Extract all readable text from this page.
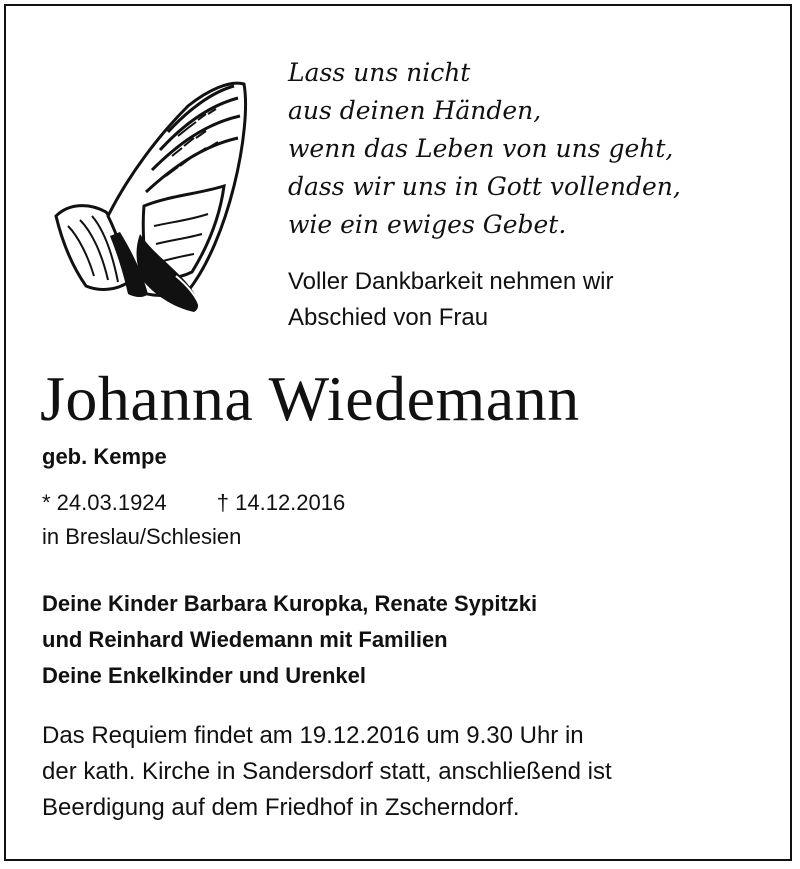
Lass uns nicht
aus deinen Händen,
wenn das Leben von uns geht,
dass wir uns in Gott vollenden,
wie ein ewiges Gebet.
Voller Dankbarkeit nehmen wir
Abschied von Frau
Johanna Wiedemann
geb. Kempe
* 24.03.1924 † 14.12.2016
in Breslau/Schlesien
Deine Kinder Barbara Kuropka, Renate Sypitzki
und Reinhard Wiedemann mit Familien
Deine Enkelkinder und Urenkel
Das Requiem findet am 19.12.2016 um 9.30 Uhr in
der kath. Kirche in Sandersdorf statt, anschließend ist
Beerdigung auf dem Friedhof in Zscherndorf.
